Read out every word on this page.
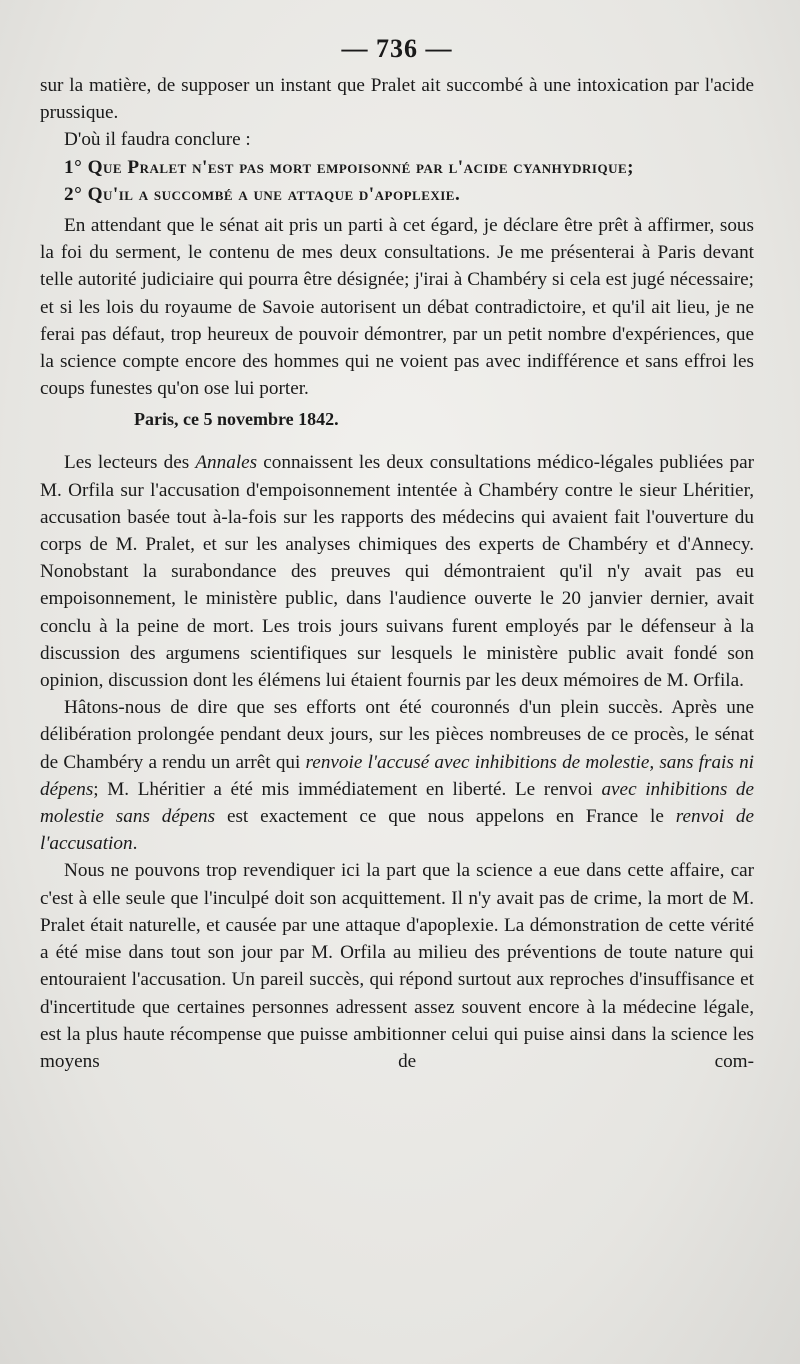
— 736 —

sur la matière, de supposer un instant que Pralet ait succombé à une intoxication par l'acide prussique.

D'où il faudra conclure :

1° Que Pralet n'est pas mort empoisonné par l'acide cyanhydrique;

2° Qu'il a succombé a une attaque d'apoplexie.

En attendant que le sénat ait pris un parti à cet égard, je déclare être prêt à affirmer, sous la foi du serment, le contenu de mes deux consultations. Je me présenterai à Paris devant telle autorité judiciaire qui pourra être désignée; j'irai à Chambéry si cela est jugé nécessaire; et si les lois du royaume de Savoie autorisent un débat contradictoire, et qu'il ait lieu, je ne ferai pas défaut, trop heureux de pouvoir démontrer, par un petit nombre d'expériences, que la science compte encore des hommes qui ne voient pas avec indifférence et sans effroi les coups funestes qu'on ose lui porter.

Paris, ce 5 novembre 1842.

Les lecteurs des Annales connaissent les deux consultations médico-légales publiées par M. Orfila sur l'accusation d'empoisonnement intentée à Chambéry contre le sieur Lhéritier, accusation basée tout à-la-fois sur les rapports des médecins qui avaient fait l'ouverture du corps de M. Pralet, et sur les analyses chimiques des experts de Chambéry et d'Annecy. Nonobstant la surabondance des preuves qui démontraient qu'il n'y avait pas eu empoisonnement, le ministère public, dans l'audience ouverte le 20 janvier dernier, avait conclu à la peine de mort. Les trois jours suivans furent employés par le défenseur à la discussion des argumens scientifiques sur lesquels le ministère public avait fondé son opinion, discussion dont les élémens lui étaient fournis par les deux mémoires de M. Orfila.

Hâtons-nous de dire que ses efforts ont été couronnés d'un plein succès. Après une délibération prolongée pendant deux jours, sur les pièces nombreuses de ce procès, le sénat de Chambéry a rendu un arrêt qui renvoie l'accusé avec inhibitions de molestie, sans frais ni dépens; M. Lhéritier a été mis immédiatement en liberté. Le renvoi avec inhibitions de molestie sans dépens est exactement ce que nous appelons en France le renvoi de l'accusation.

Nous ne pouvons trop revendiquer ici la part que la science a eue dans cette affaire, car c'est à elle seule que l'inculpé doit son acquittement. Il n'y avait pas de crime, la mort de M. Pralet était naturelle, et causée par une attaque d'apoplexie. La démonstration de cette vérité a été mise dans tout son jour par M. Orfila au milieu des préventions de toute nature qui entouraient l'accusation. Un pareil succès, qui répond surtout aux reproches d'insuffisance et d'incertitude que certaines personnes adressent assez souvent encore à la médecine légale, est la plus haute récompense que puisse ambitionner celui qui puise ainsi dans la science les moyens de com-
